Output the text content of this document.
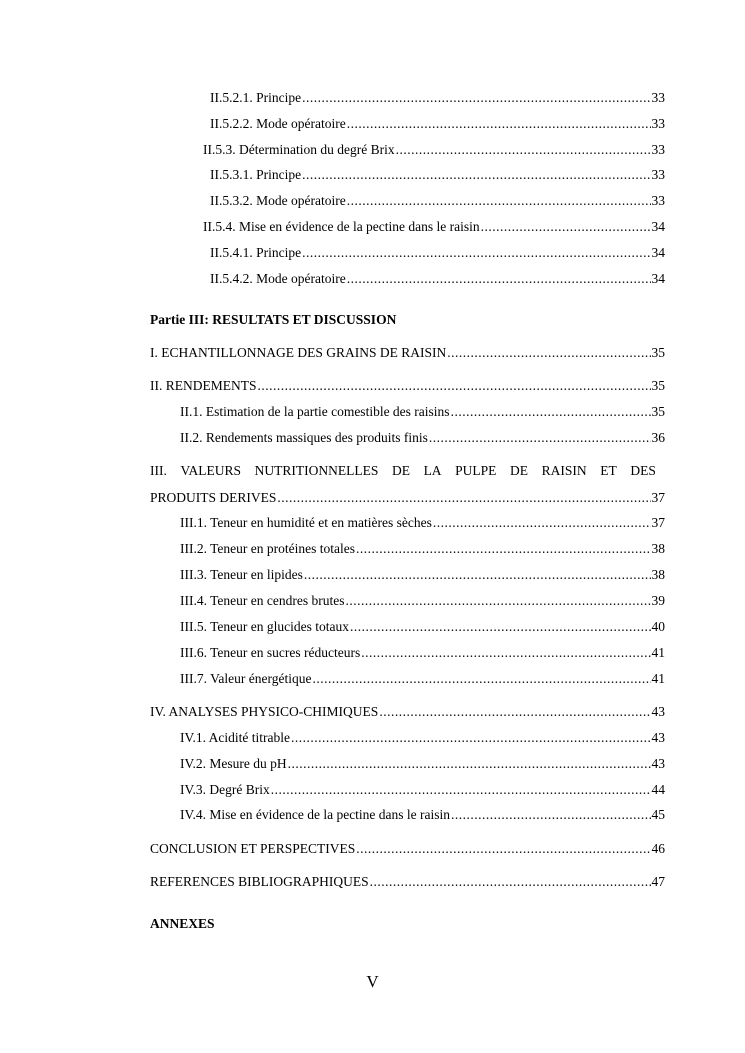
II.5.2.1. Principe .....	33
II.5.2.2. Mode opératoire .....	33
II.5.3. Détermination du degré Brix .....	33
II.5.3.1. Principe .....	33
II.5.3.2. Mode opératoire .....	33
II.5.4. Mise en évidence de la pectine dans le raisin .....	34
II.5.4.1. Principe .....	34
II.5.4.2. Mode opératoire .....	34
Partie III: RESULTATS ET DISCUSSION
I. ECHANTILLONNAGE DES GRAINS DE RAISIN .....	35
II. RENDEMENTS .....	35
II.1. Estimation de la partie comestible des raisins .....	35
II.2. Rendements massiques des produits finis .....	36
III. VALEURS NUTRITIONNELLES DE LA PULPE DE RAISIN ET DES
PRODUITS DERIVES .....	37
III.1. Teneur en humidité et en matières sèches .....	37
III.2. Teneur en protéines totales .....	38
III.3. Teneur en lipides .....	38
III.4. Teneur en cendres brutes .....	39
III.5. Teneur en glucides totaux .....	40
III.6. Teneur en sucres réducteurs .....	41
III.7. Valeur énergétique .....	41
IV. ANALYSES PHYSICO-CHIMIQUES .....	43
IV.1. Acidité titrable .....	43
IV.2. Mesure du pH .....	43
IV.3. Degré Brix .....	44
IV.4. Mise en évidence de la pectine dans le raisin .....	45
CONCLUSION ET PERSPECTIVES .....	46
REFERENCES BIBLIOGRAPHIQUES .....	47
ANNEXES
V
